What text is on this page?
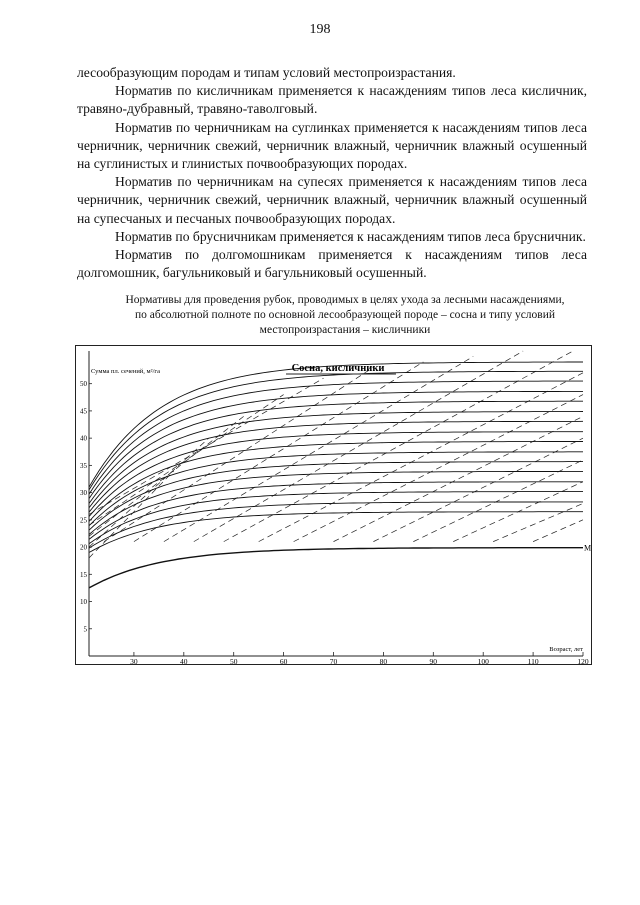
198

лесообразующим породам и типам условий местопроизрастания.

Норматив по кисличникам применяется к насаждениям типов леса кисличник, травяно-дубравный, травяно-таволговый.

Норматив по черничникам на суглинках применяется к насаждениям типов леса черничник, черничник свежий, черничник влажный, черничник влажный осушенный на суглинистых и глинистых почвообразующих породах.

Норматив по черничникам на супесях применяется к насаждениям типов леса черничник, черничник свежий, черничник влажный, черничник влажный осушенный на супесчаных и песчаных почвообразующих породах.

Норматив по брусничникам применяется к насаждениям типов леса брусничник.

Норматив по долгомошникам применяется к насаждениям типов леса долгомошник, багульниковый и багульниковый осушенный.

Нормативы для проведения рубок, проводимых в целях ухода за лесными насаждениями,
по абсолютной полноте по основной лесообразующей породе – сосна и типу условий
местопроизрастания – кисличники
30	40	50	60	70	80	90	100	110	120
5
10
15
20
25
30
35
40
45
50
Сосна, кисличники
Сумма пл. сечений, м²/га
Возраст, лет
М
